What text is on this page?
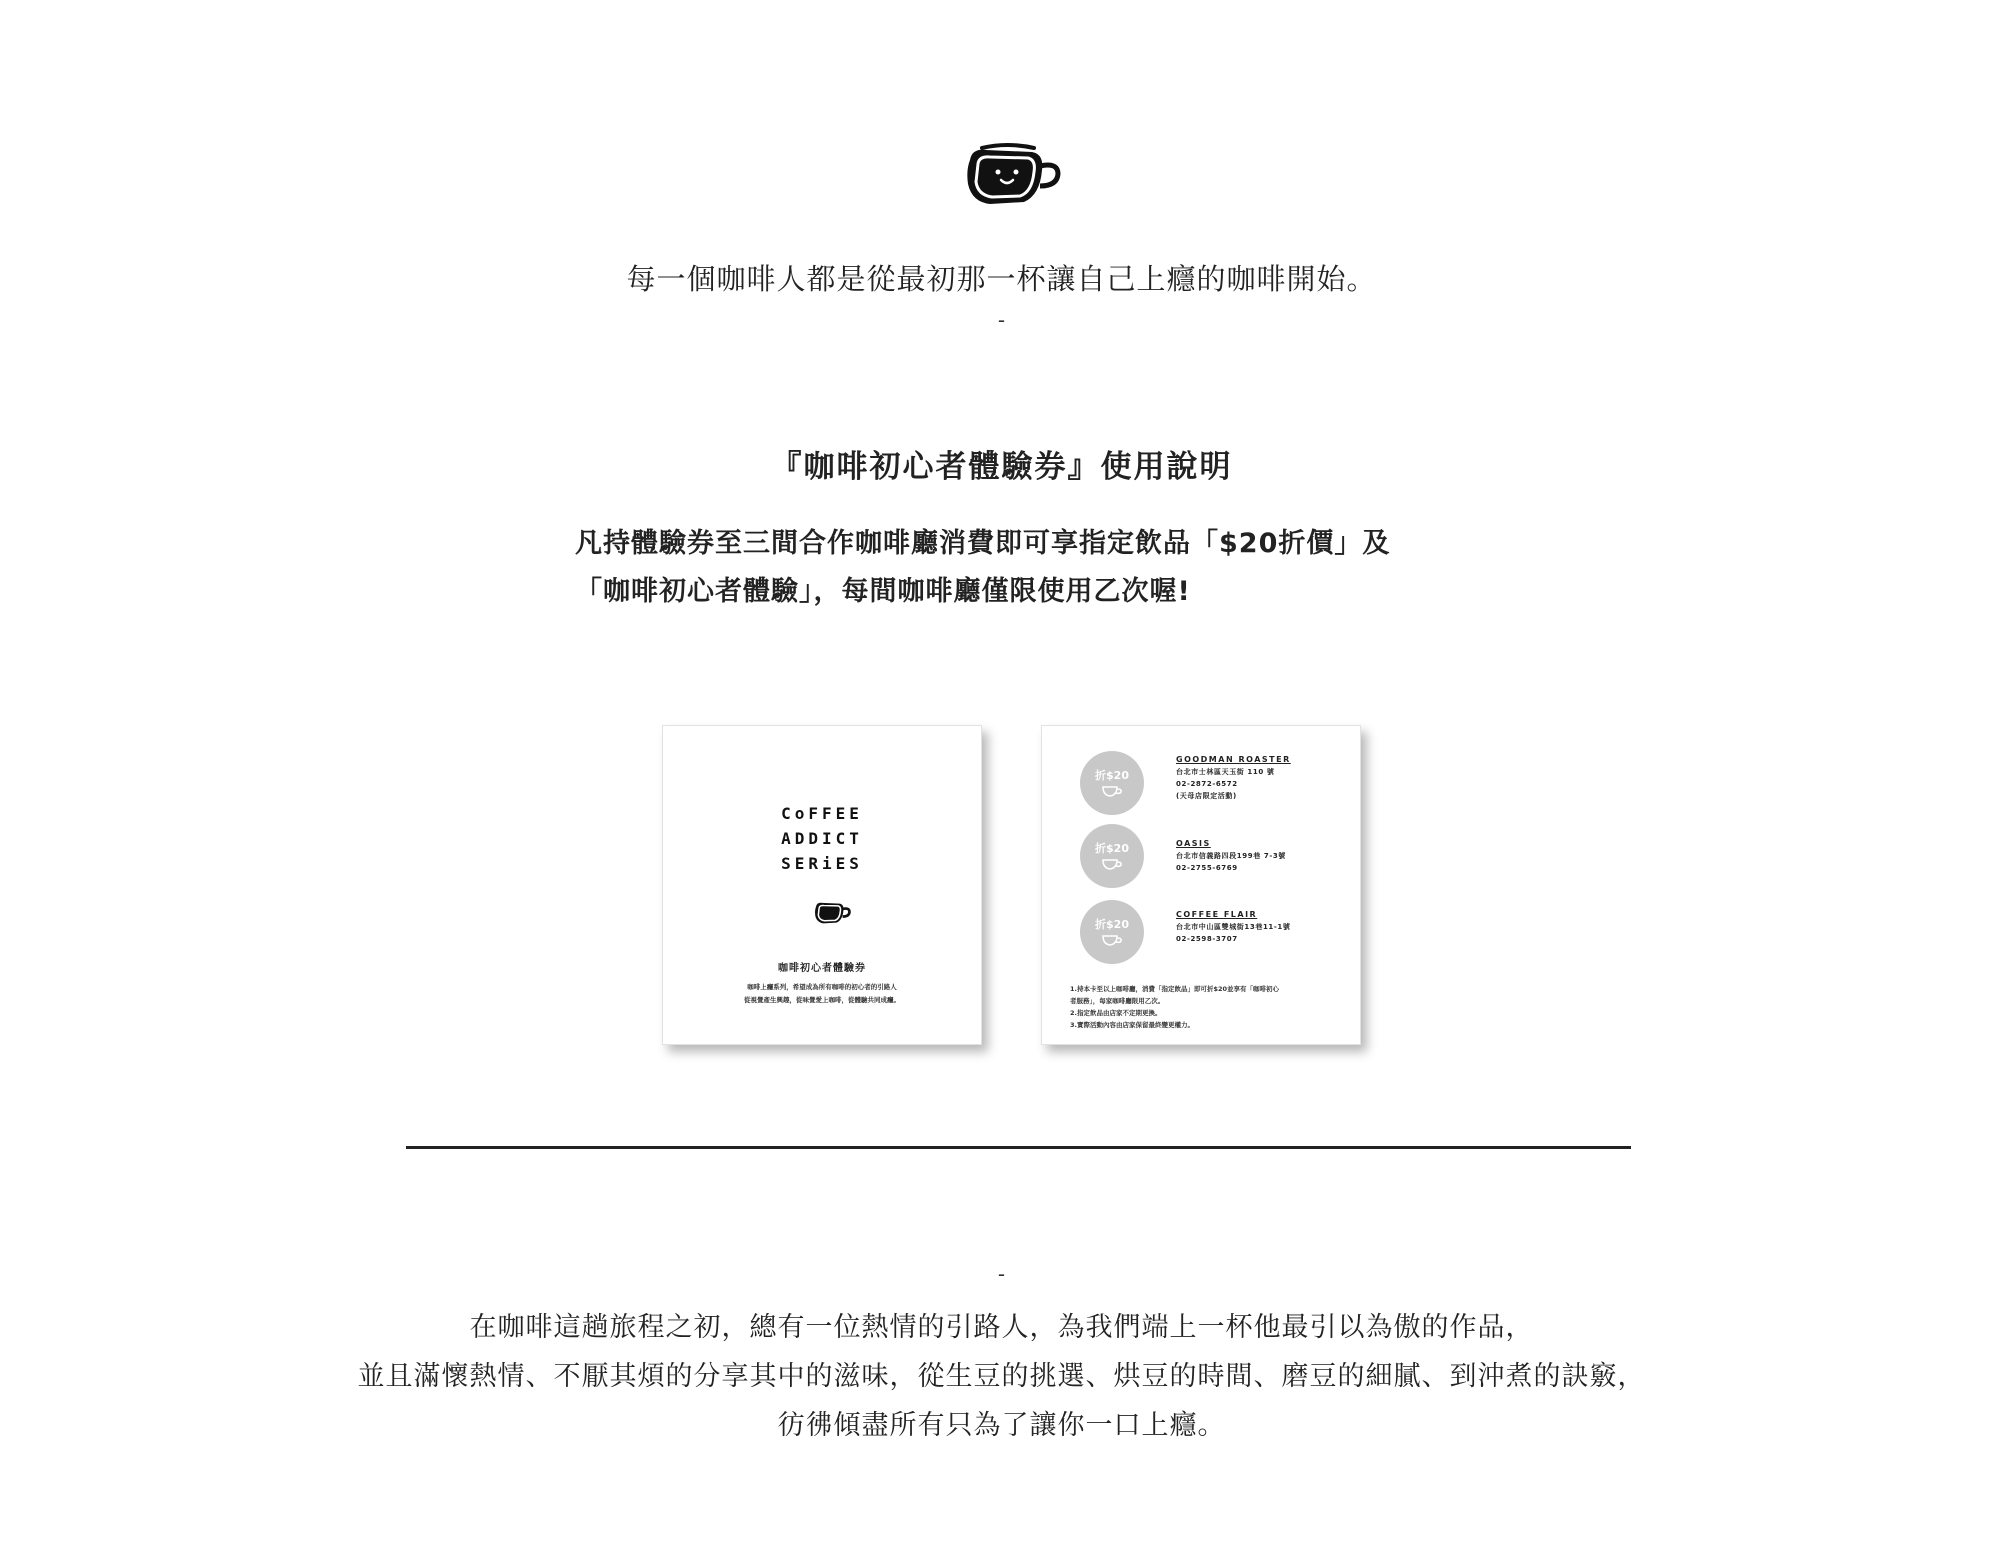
每一個咖啡人都是從最初那一杯讓自己上癮的咖啡開始。
-
『咖啡初心者體驗券』使用說明
凡持體驗券至三間合作咖啡廳消費即可享指定飲品「$20折價」及
「咖啡初心者體驗」，每間咖啡廳僅限使用乙次喔!
CoFFEE
ADDICT
SERiES
咖啡初心者體驗券
咖啡上癮系列，希望成為所有咖啡的初心者的引路人
從視覺產生興趣，從味覺愛上咖啡，從體驗共同成癮。
折$20
折$20
折$20
GOODMAN ROASTER
台北市士林區天玉街 110 號
02-2872-6572
(天母店限定活動)
OASIS
台北市信義路四段199巷 7-3號
02-2755-6769
COFFEE FLAIR
台北市中山區雙城街13巷11-1號
02-2598-3707
1.持本卡至以上咖啡廳，消費「指定飲品」即可折$20並享有「咖啡初心
者服務」，每家咖啡廳限用乙次。
2.指定飲品由店家不定期更換。
3.實際活動內容由店家保留最終變更權力。
-
在咖啡這趟旅程之初，總有一位熱情的引路人，為我們端上一杯他最引以為傲的作品，
並且滿懷熱情、不厭其煩的分享其中的滋味，從生豆的挑選、烘豆的時間、磨豆的細膩、到沖煮的訣竅，
彷彿傾盡所有只為了讓你一口上癮。
